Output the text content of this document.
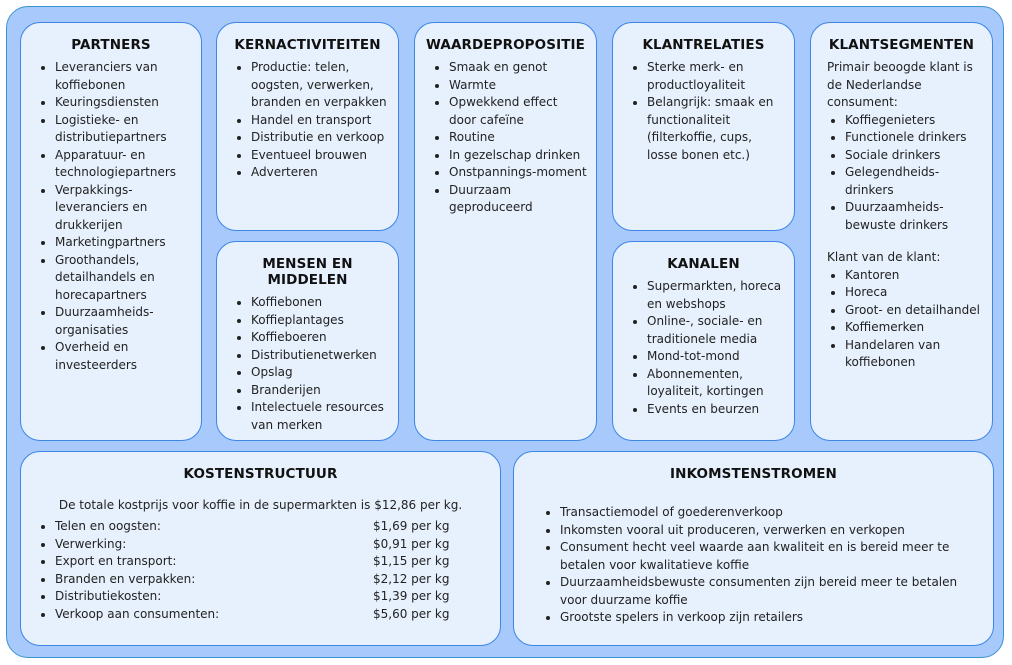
PARTNERS
• Leveranciers van koffiebonen
• Keuringsdiensten
• Logistieke- en distributiepartners
• Apparatuur- en technologiepartners
• Verpakkings-leveranciers en drukkerijen
• Marketingpartners
• Groothandels, detailhandels en horecapartners
• Duurzaamheids-organisaties
• Overheid en investeerders
KERNACTIVITEITEN
• Productie: telen, oogsten, verwerken, branden en verpakken
• Handel en transport
• Distributie en verkoop
• Eventueel brouwen
• Adverteren
MENSEN EN MIDDELEN
• Koffiebonen
• Koffieplantages
• Koffieboeren
• Distributienetwerken
• Opslag
• Branderijen
• Intelectuele resources van merken
WAARDEPROPOSITIE
• Smaak en genot
• Warmte
• Opwekkend effect door cafeïne
• Routine
• In gezelschap drinken
• Onstpannings-moment
• Duurzaam geproduceerd
KLANTRELATIES
• Sterke merk- en productloyaliteit
• Belangrijk: smaak en functionaliteit (filterkoffie, cups, losse bonen etc.)
KANALEN
• Supermarkten, horeca en webshops
• Online-, sociale- en traditionele media
• Mond-tot-mond
• Abonnementen, loyaliteit, kortingen
• Events en beurzen
KLANTSEGMENTEN
Primair beoogde klant is de Nederlandse consument:
• Koffiegenieters
• Functionele drinkers
• Sociale drinkers
• Gelegendheids-drinkers
• Duurzaamheids-bewuste drinkers
Klant van de klant:
• Kantoren
• Horeca
• Groot- en detailhandel
• Koffiemerken
• Handelaren van koffiebonen
KOSTENSTRUCTUUR
De totale kostprijs voor koffie in de supermarkten is $12,86 per kg.
• Telen en oogsten:	$1,69 per kg
• Verwerking:	$0,91 per kg
• Export en transport:	$1,15 per kg
• Branden en verpakken:	$2,12 per kg
• Distributiekosten:	$1,39 per kg
• Verkoop aan consumenten:	$5,60 per kg
INKOMSTENSTROMEN
• Transactiemodel of goederenverkoop
• Inkomsten vooral uit produceren, verwerken en verkopen
• Consument hecht veel waarde aan kwaliteit en is bereid meer te betalen voor kwalitatieve koffie
• Duurzaamheidsbewuste consumenten zijn bereid meer te betalen voor duurzame koffie
• Grootste spelers in verkoop zijn retailers
